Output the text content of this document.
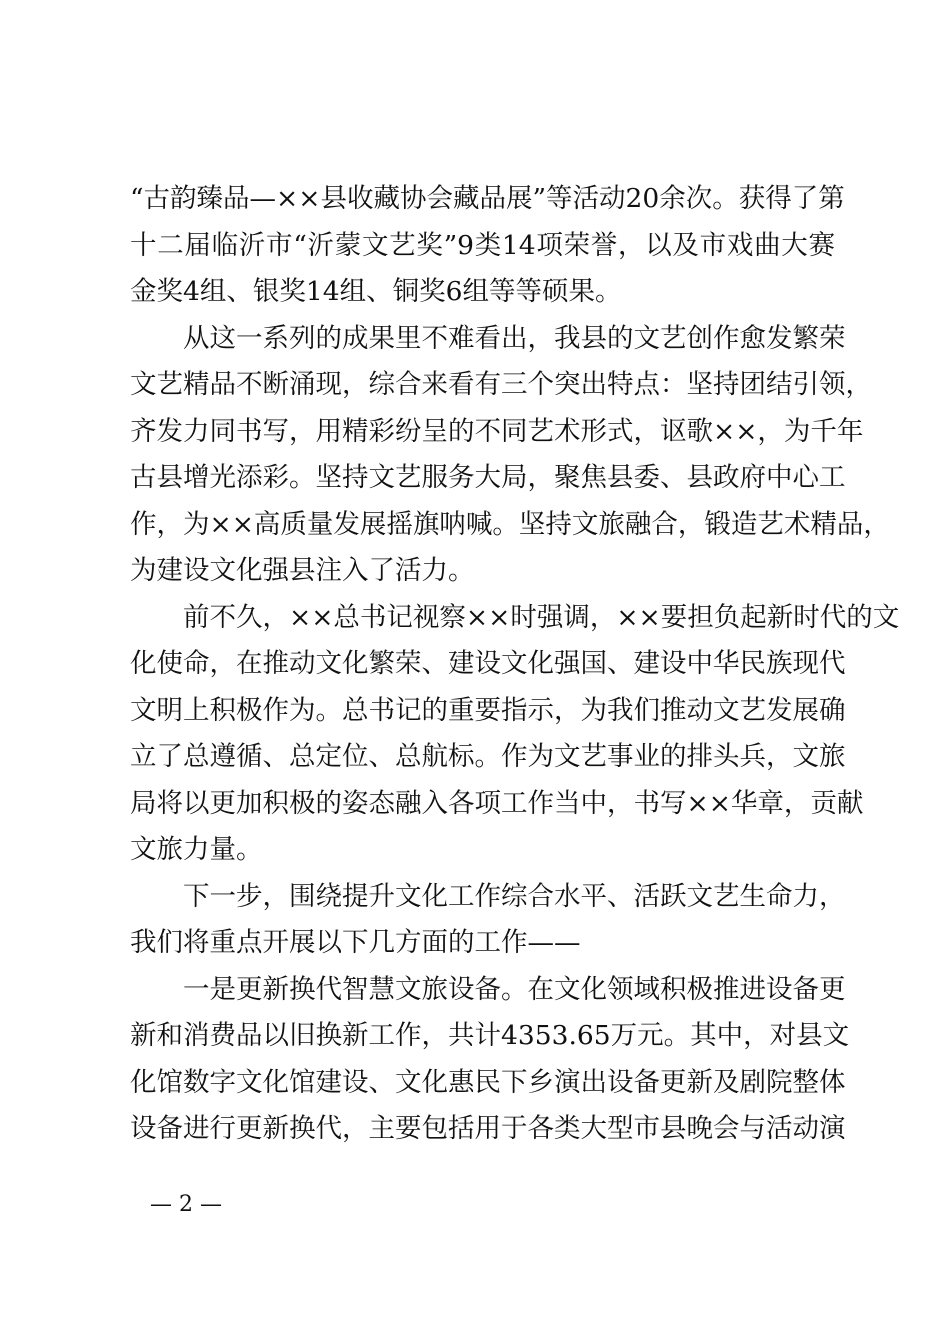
“古韵臻品—××县收藏协会藏品展”等活动20余次。获得了第
十二届临沂市“沂蒙文艺奖”9类14项荣誉，以及市戏曲大赛
金奖4组、银奖14组、铜奖6组等等硕果。
从这一系列的成果里不难看出，我县的文艺创作愈发繁荣
文艺精品不断涌现，综合来看有三个突出特点：坚持团结引领，
齐发力同书写，用精彩纷呈的不同艺术形式，讴歌××，为千年
古县增光添彩。坚持文艺服务大局，聚焦县委、县政府中心工
作，为××高质量发展摇旗呐喊。坚持文旅融合，锻造艺术精品，
为建设文化强县注入了活力。
前不久，××总书记视察××时强调，××要担负起新时代的文
化使命，在推动文化繁荣、建设文化强国、建设中华民族现代
文明上积极作为。总书记的重要指示，为我们推动文艺发展确
立了总遵循、总定位、总航标。作为文艺事业的排头兵，文旅
局将以更加积极的姿态融入各项工作当中，书写××华章，贡献
文旅力量。
下一步，围绕提升文化工作综合水平、活跃文艺生命力，
我们将重点开展以下几方面的工作——
一是更新换代智慧文旅设备。在文化领域积极推进设备更
新和消费品以旧换新工作，共计4353.65万元。其中，对县文
化馆数字文化馆建设、文化惠民下乡演出设备更新及剧院整体
设备进行更新换代，主要包括用于各类大型市县晚会与活动演
— 2 —
